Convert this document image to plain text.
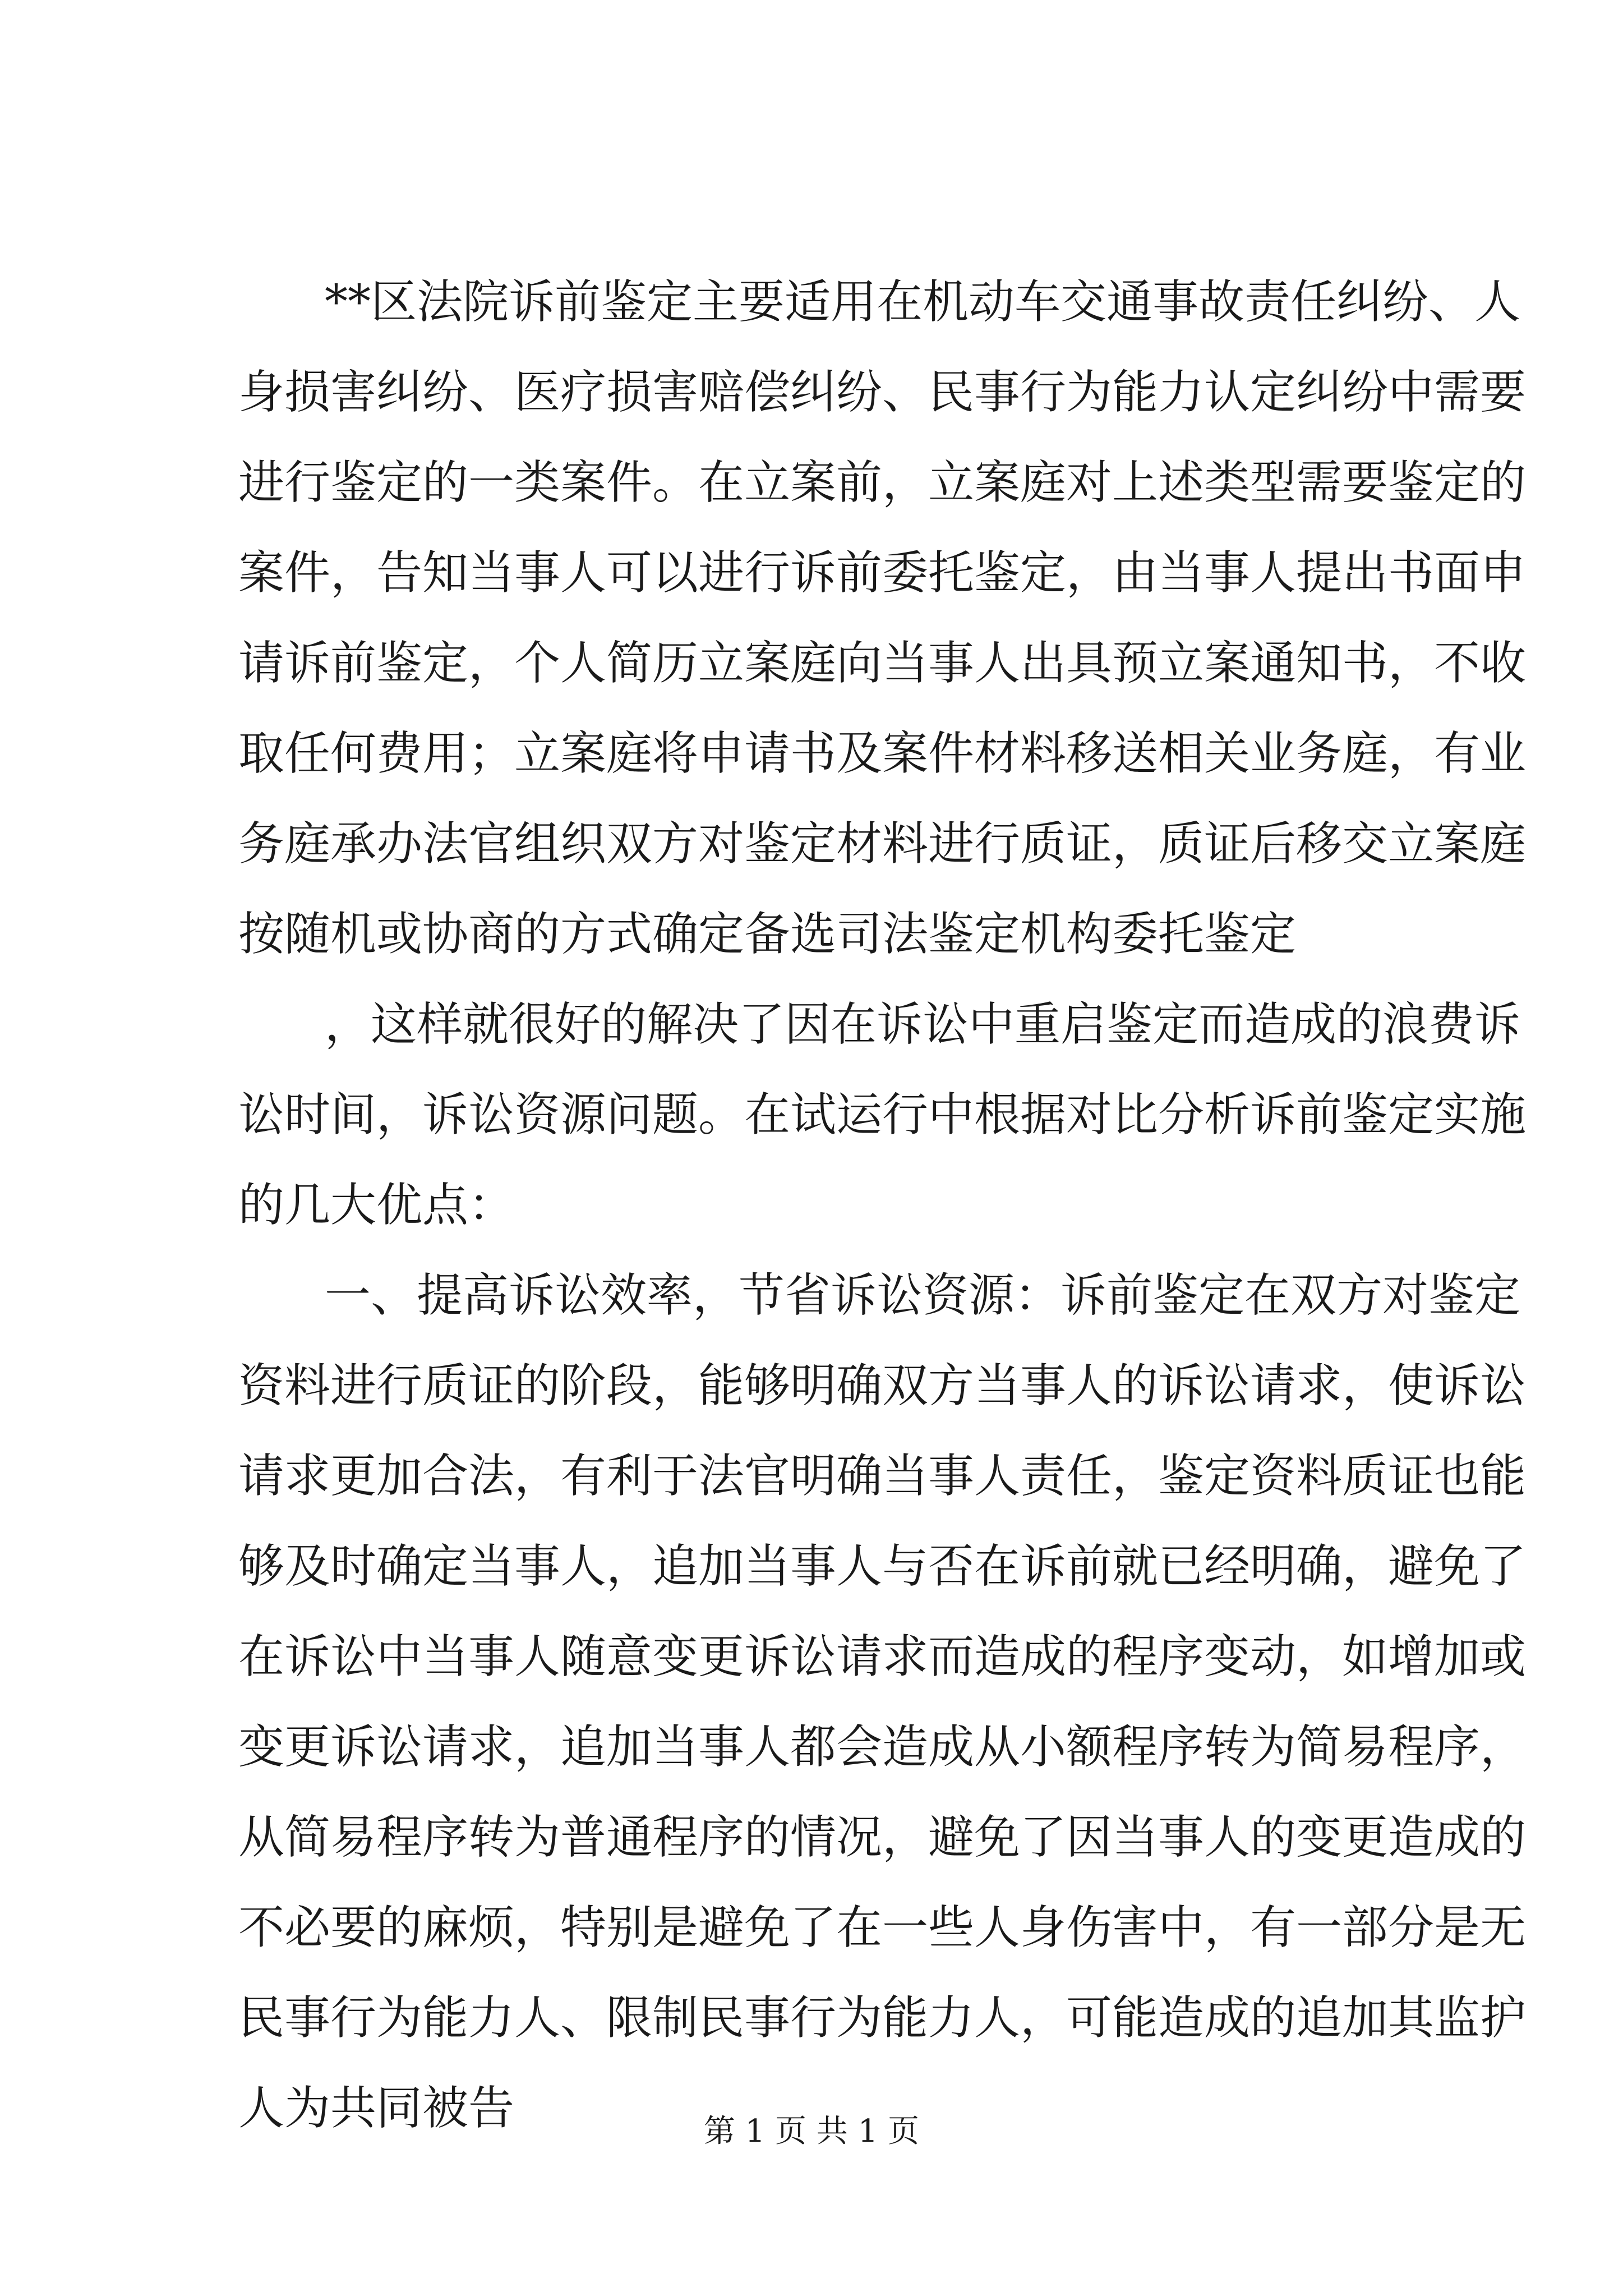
**区法院诉前鉴定主要适用在机动车交通事故责任纠纷、人
身损害纠纷、医疗损害赔偿纠纷、民事行为能力认定纠纷中需要
进行鉴定的一类案件。在立案前，立案庭对上述类型需要鉴定的
案件，告知当事人可以进行诉前委托鉴定，由当事人提出书面申
请诉前鉴定，个人简历立案庭向当事人出具预立案通知书，不收
取任何费用；立案庭将申请书及案件材料移送相关业务庭，有业
务庭承办法官组织双方对鉴定材料进行质证，质证后移交立案庭
按随机或协商的方式确定备选司法鉴定机构委托鉴定
，这样就很好的解决了因在诉讼中重启鉴定而造成的浪费诉
讼时间，诉讼资源问题。在试运行中根据对比分析诉前鉴定实施
的几大优点：
一、提高诉讼效率，节省诉讼资源：诉前鉴定在双方对鉴定
资料进行质证的阶段，能够明确双方当事人的诉讼请求，使诉讼
请求更加合法，有利于法官明确当事人责任，鉴定资料质证也能
够及时确定当事人，追加当事人与否在诉前就已经明确，避免了
在诉讼中当事人随意变更诉讼请求而造成的程序变动，如增加或
变更诉讼请求，追加当事人都会造成从小额程序转为简易程序，
从简易程序转为普通程序的情况，避免了因当事人的变更造成的
不必要的麻烦，特别是避免了在一些人身伤害中，有一部分是无
民事行为能力人、限制民事行为能力人，可能造成的追加其监护
人为共同被告	第 1 页 共 1 页
